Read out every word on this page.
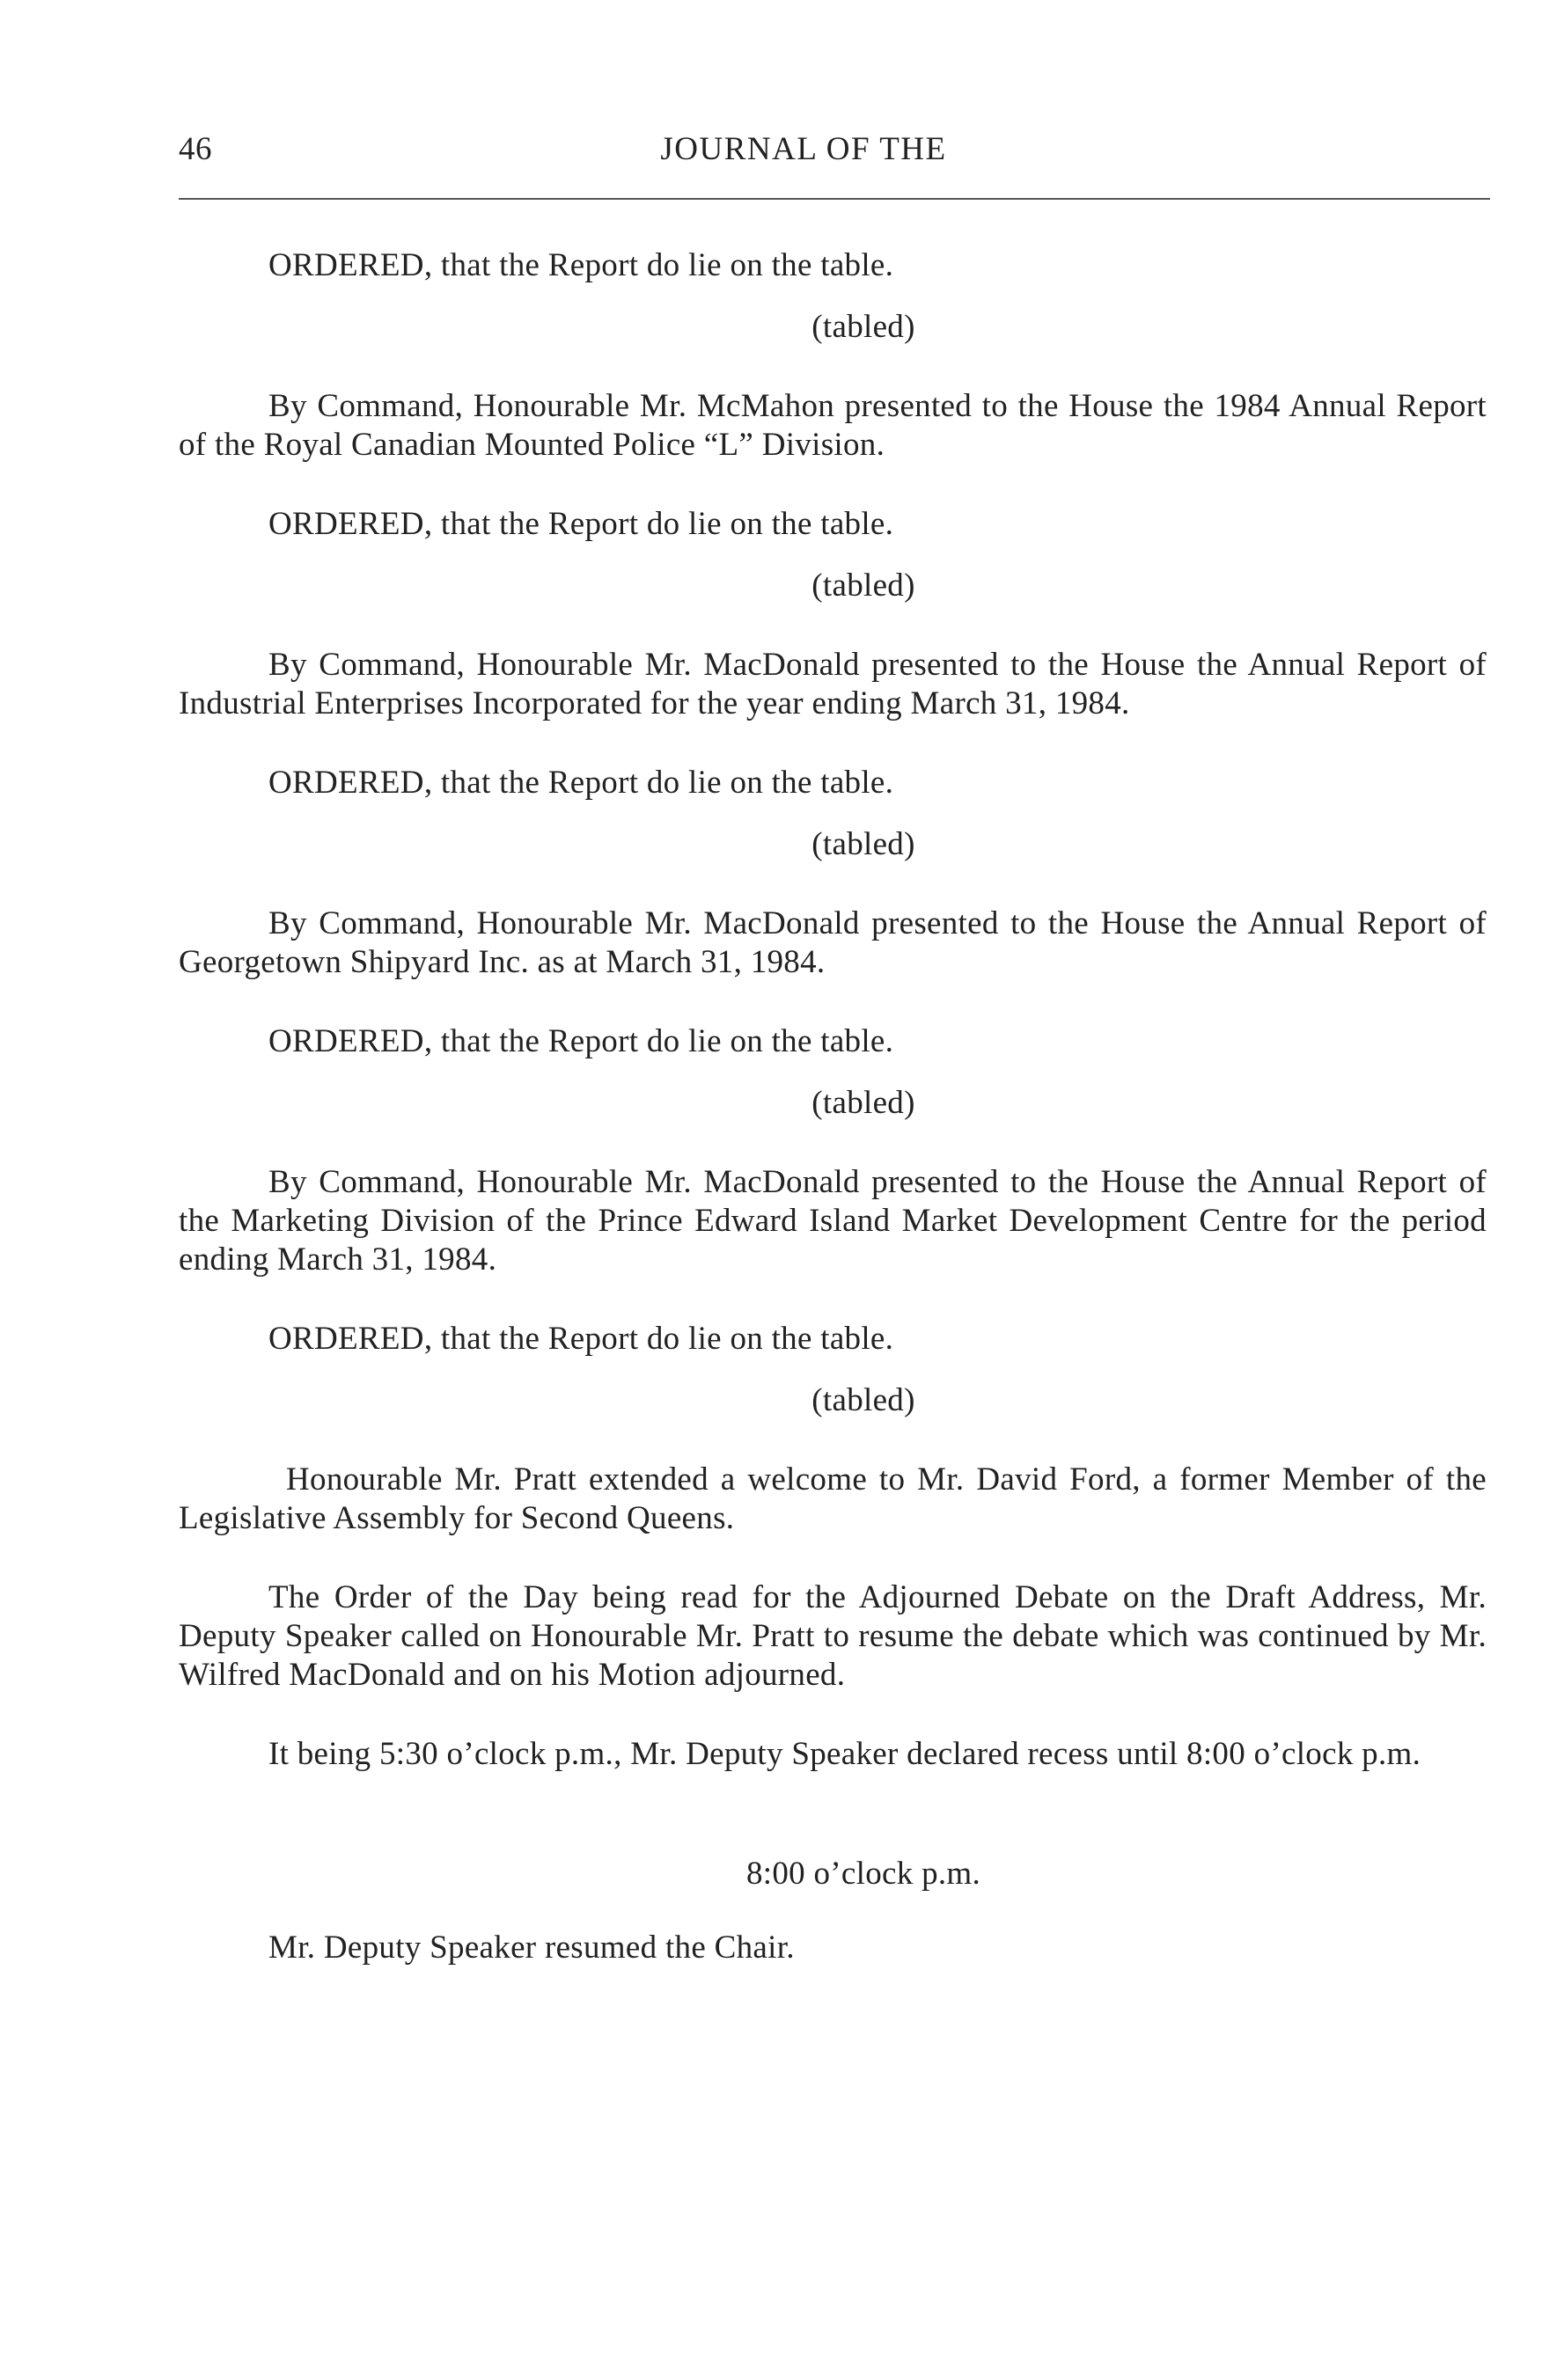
46	JOURNAL OF THE

ORDERED, that the Report do lie on the table.

(tabled)

By Command, Honourable Mr. McMahon presented to the House the 1984 Annual Report of the Royal Canadian Mounted Police “L” Division.

ORDERED, that the Report do lie on the table.

(tabled)

By Command, Honourable Mr. MacDonald presented to the House the Annual Report of Industrial Enterprises Incorporated for the year ending March 31, 1984.

ORDERED, that the Report do lie on the table.

(tabled)

By Command, Honourable Mr. MacDonald presented to the House the Annual Report of Georgetown Shipyard Inc. as at March 31, 1984.

ORDERED, that the Report do lie on the table.

(tabled)

By Command, Honourable Mr. MacDonald presented to the House the Annual Report of the Marketing Division of the Prince Edward Island Market Development Centre for the period ending March 31, 1984.

ORDERED, that the Report do lie on the table.

(tabled)

Honourable Mr. Pratt extended a welcome to Mr. David Ford, a former Member of the Legislative Assembly for Second Queens.

The Order of the Day being read for the Adjourned Debate on the Draft Address, Mr. Deputy Speaker called on Honourable Mr. Pratt to resume the debate which was continued by Mr. Wilfred MacDonald and on his Motion adjourned.

It being 5:30 o’clock p.m., Mr. Deputy Speaker declared recess until 8:00 o’clock p.m.

8:00 o’clock p.m.

Mr. Deputy Speaker resumed the Chair.
